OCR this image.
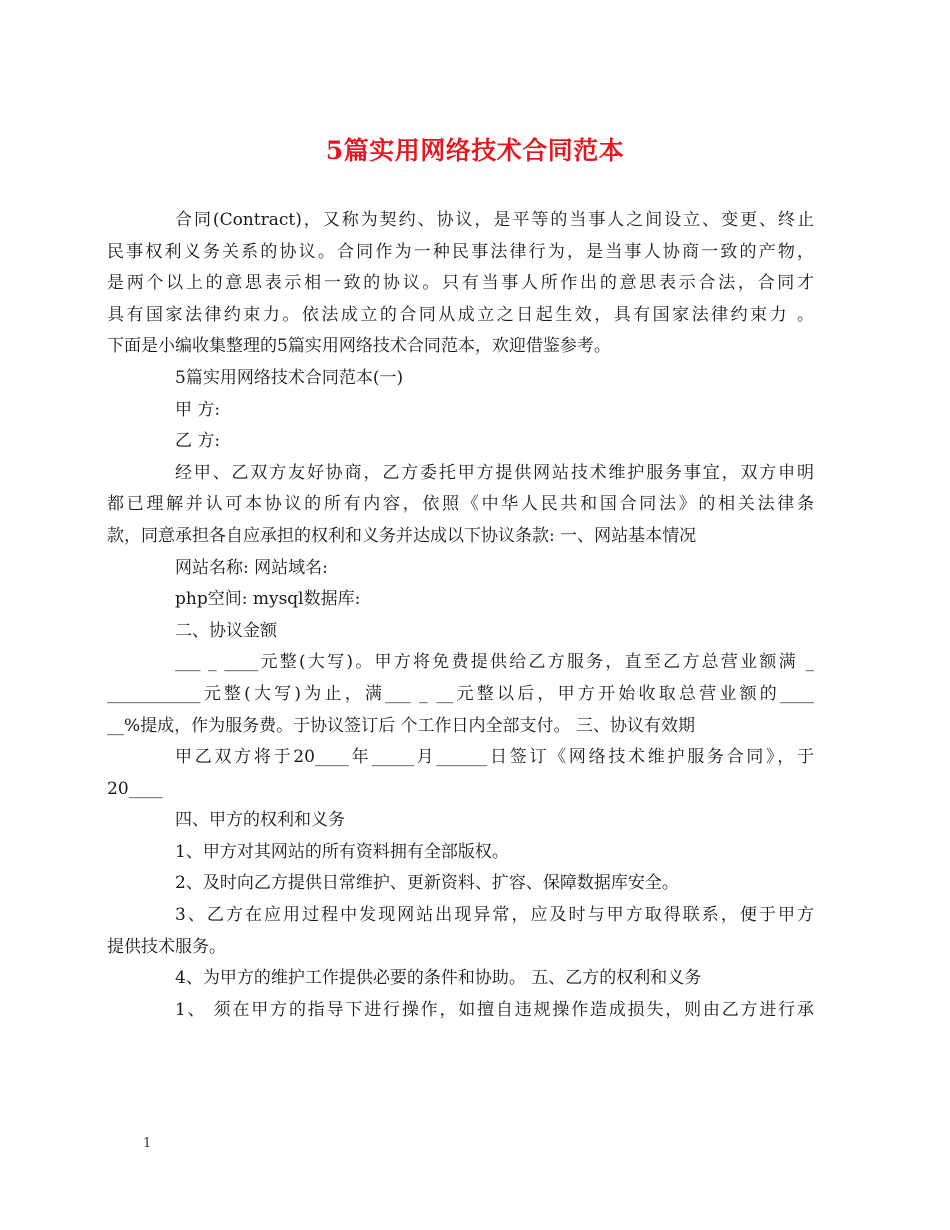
5篇实用网络技术合同范本
合同(Contract)，又称为契约、协议，是平等的当事人之间设立、变更、终止
民事权利义务关系的协议。合同作为一种民事法律行为，是当事人协商一致的产物，
是两个以上的意思表示相一致的协议。只有当事人所作出的意思表示合法，合同才
具有国家法律约束力。依法成立的合同从成立之日起生效，具有国家法律约束力 。
下面是小编收集整理的5篇实用网络技术合同范本，欢迎借鉴参考。
5篇实用网络技术合同范本(一)
甲 方:
乙 方:
经甲、乙双方友好协商，乙方委托甲方提供网站技术维护服务事宜，双方申明
都已理解并认可本协议的所有内容，依照《中华人民共和国合同法》的相关法律条
款，同意承担各自应承担的权利和义务并达成以下协议条款: 一、网站基本情况
网站名称: 网站域名:
php空间: mysql数据库:
二、协议金额
___ _ ____元整(大写)。甲方将免费提供给乙方服务，直至乙方总营业额满 _
___________元整(大写)为止，满___ _ __元整以后，甲方开始收取总营业额的____
__%提成，作为服务费。于协议签订后 个工作日内全部支付。 三、协议有效期
甲乙双方将于20____年_____月______日签订《网络技术维护服务合同》，于
20____
四、甲方的权利和义务
1、甲方对其网站的所有资料拥有全部版权。
2、及时向乙方提供日常维护、更新资料、扩容、保障数据库安全。
3、乙方在应用过程中发现网站出现异常，应及时与甲方取得联系，便于甲方
提供技术服务。
4、为甲方的维护工作提供必要的条件和协助。 五、乙方的权利和义务
1、 须在甲方的指导下进行操作，如擅自违规操作造成损失，则由乙方进行承
1
